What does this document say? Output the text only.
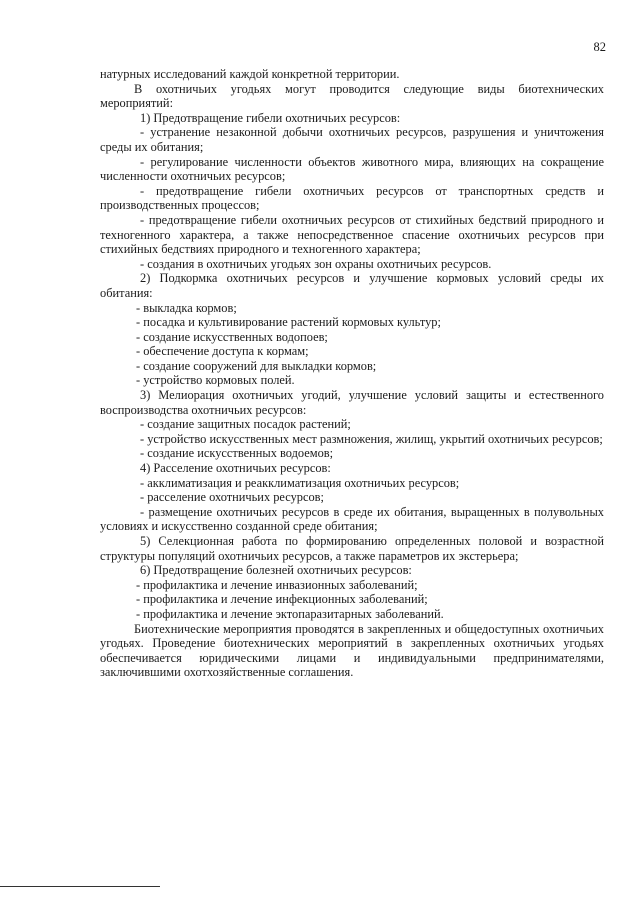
82

натурных исследований каждой конкретной территории.

В охотничьих угодьях могут проводится следующие виды биотехнических мероприятий:

1) Предотвращение гибели охотничьих ресурсов:

- устранение незаконной добычи охотничьих ресурсов, разрушения и уничтожения среды их обитания;

- регулирование численности объектов животного мира, влияющих на сокращение численности охотничьих ресурсов;

- предотвращение гибели охотничьих ресурсов от транспортных средств и производственных процессов;

- предотвращение гибели охотничьих ресурсов от стихийных бедствий природного и техногенного характера, а также непосредственное спасение охотничьих ресурсов при стихийных бедствиях природного и техногенного характера;

- создания в охотничьих угодьях зон охраны охотничьих ресурсов.

2) Подкормка охотничьих ресурсов и улучшение кормовых условий среды их обитания:

- выкладка кормов;

- посадка и культивирование растений кормовых культур;

- создание искусственных водопоев;

- обеспечение доступа к кормам;

- создание сооружений для выкладки кормов;

- устройство кормовых полей.

3) Мелиорация охотничьих угодий, улучшение условий защиты и естественного воспроизводства охотничьих ресурсов:

- создание защитных посадок растений;

- устройство искусственных мест размножения, жилищ, укрытий охотничьих ресурсов;

- создание искусственных водоемов;

4) Расселение охотничьих ресурсов:

- акклиматизация и реакклиматизация охотничьих ресурсов;

- расселение охотничьих ресурсов;

- размещение охотничьих ресурсов в среде их обитания, выращенных в полувольных условиях и искусственно созданной среде обитания;

5) Селекционная работа по формированию определенных половой и возрастной структуры популяций охотничьих ресурсов, а также параметров их экстерьера;

6) Предотвращение болезней охотничьих ресурсов:

- профилактика и лечение инвазионных заболеваний;

- профилактика и лечение инфекционных заболеваний;

- профилактика и лечение эктопаразитарных заболеваний.

Биотехнические мероприятия проводятся в закрепленных и общедоступных охотничьих угодьях. Проведение биотехнических мероприятий в закрепленных охотничьих угодьях обеспечивается юридическими лицами и индивидуальными предпринимателями, заключившими охотхозяйственные соглашения.
